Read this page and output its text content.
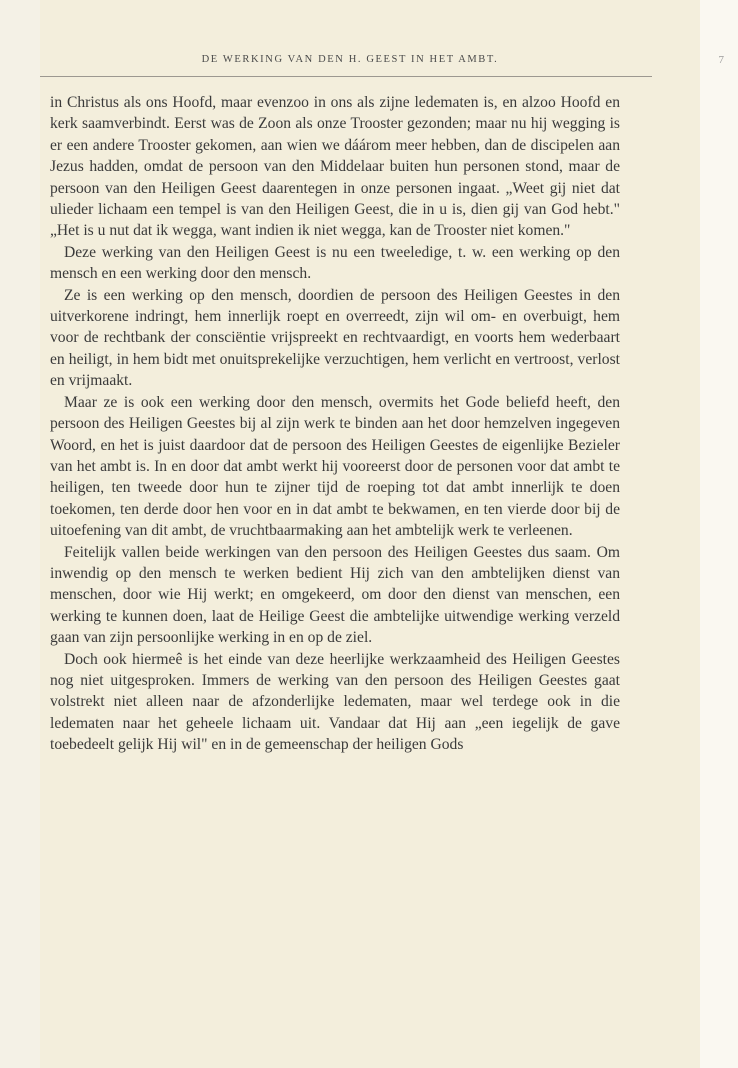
DE WERKING VAN DEN H. GEEST IN HET AMBT.	7

in Christus als ons Hoofd, maar evenzoo in ons als zijne ledematen is, en alzoo Hoofd en kerk saamverbindt. Eerst was de Zoon als onze Trooster gezonden; maar nu hij wegging is er een andere Trooster gekomen, aan wien we dáárom meer hebben, dan de discipelen aan Jezus hadden, omdat de persoon van den Middelaar buiten hun personen stond, maar de persoon van den Heiligen Geest daarentegen in onze personen ingaat. „Weet gij niet dat ulieder lichaam een tempel is van den Heiligen Geest, die in u is, dien gij van God hebt." „Het is u nut dat ik wegga, want indien ik niet wegga, kan de Trooster niet komen."

Deze werking van den Heiligen Geest is nu een tweeledige, t. w. een werking op den mensch en een werking door den mensch.

Ze is een werking op den mensch, doordien de persoon des Heiligen Geestes in den uitverkorene indringt, hem innerlijk roept en overreedt, zijn wil om- en overbuigt, hem voor de rechtbank der consciëntie vrijspreekt en rechtvaardigt, en voorts hem wederbaart en heiligt, in hem bidt met onuitsprekelijke verzuchtigen, hem verlicht en vertroost, verlost en vrijmaakt.

Maar ze is ook een werking door den mensch, overmits het Gode beliefd heeft, den persoon des Heiligen Geestes bij al zijn werk te binden aan het door hemzelven ingegeven Woord, en het is juist daardoor dat de persoon des Heiligen Geestes de eigenlijke Bezieler van het ambt is. In en door dat ambt werkt hij vooreerst door de personen voor dat ambt te heiligen, ten tweede door hun te zijner tijd de roeping tot dat ambt innerlijk te doen toekomen, ten derde door hen voor en in dat ambt te bekwamen, en ten vierde door bij de uitoefening van dit ambt, de vruchtbaarmaking aan het ambtelijk werk te verleenen.

Feitelijk vallen beide werkingen van den persoon des Heiligen Geestes dus saam. Om inwendig op den mensch te werken bedient Hij zich van den ambtelijken dienst van menschen, door wie Hij werkt; en omgekeerd, om door den dienst van menschen, een werking te kunnen doen, laat de Heilige Geest die ambtelijke uitwendige werking verzeld gaan van zijn persoonlijke werking in en op de ziel.

Doch ook hiermeê is het einde van deze heerlijke werkzaamheid des Heiligen Geestes nog niet uitgesproken. Immers de werking van den persoon des Heiligen Geestes gaat volstrekt niet alleen naar de afzonderlijke ledematen, maar wel terdege ook in die ledematen naar het geheele lichaam uit. Vandaar dat Hij aan „een iegelijk de gave toebedeelt gelijk Hij wil" en in de gemeenschap der heiligen Gods
